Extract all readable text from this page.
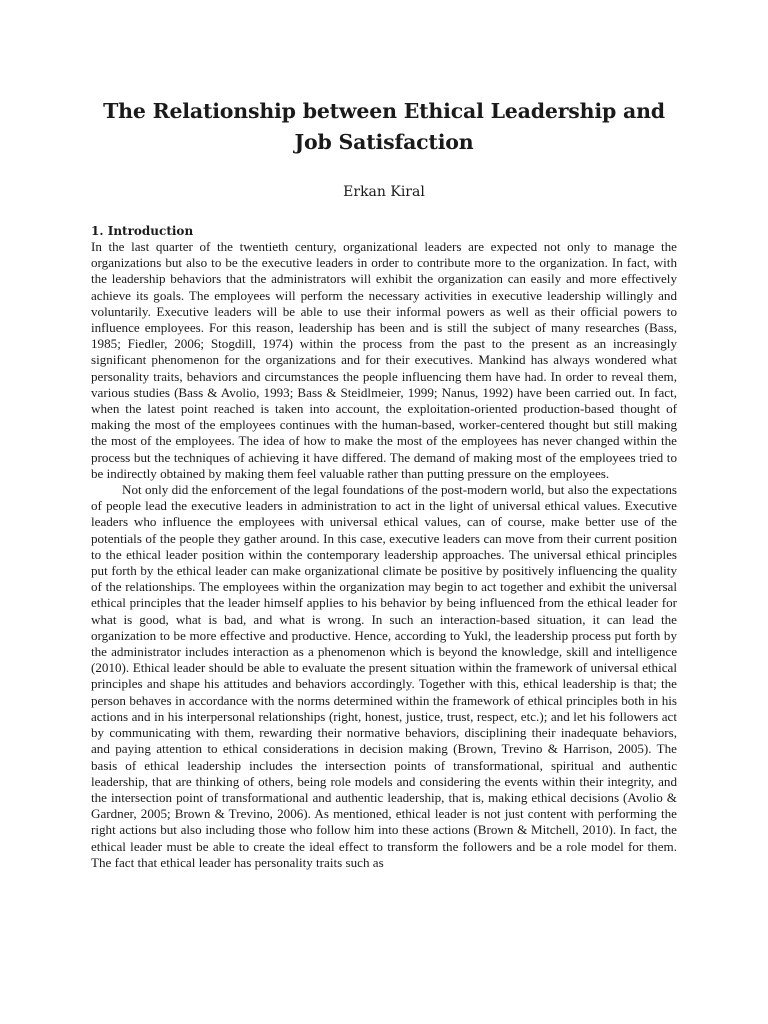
The Relationship between Ethical Leadership and Job Satisfaction
Erkan Kiral
1. Introduction

In the last quarter of the twentieth century, organizational leaders are expected not only to manage the organizations but also to be the executive leaders in order to contribute more to the organization. In fact, with the leadership behaviors that the administrators will exhibit the organization can easily and more effectively achieve its goals. The employees will perform the necessary activities in executive leadership willingly and voluntarily. Executive leaders will be able to use their informal powers as well as their official powers to influence employees. For this reason, leadership has been and is still the subject of many researches (Bass, 1985; Fiedler, 2006; Stogdill, 1974) within the process from the past to the present as an increasingly significant phenomenon for the organizations and for their executives. Mankind has always wondered what personality traits, behaviors and circumstances the people influencing them have had. In order to reveal them, various studies (Bass & Avolio, 1993; Bass & Steidlmeier, 1999; Nanus, 1992) have been carried out. In fact, when the latest point reached is taken into account, the exploitation-oriented production-based thought of making the most of the employees continues with the human-based, worker-centered thought but still making the most of the employees. The idea of how to make the most of the employees has never changed within the process but the techniques of achieving it have differed. The demand of making most of the employees tried to be indirectly obtained by making them feel valuable rather than putting pressure on the employees.

Not only did the enforcement of the legal foundations of the post-modern world, but also the expectations of people lead the executive leaders in administration to act in the light of universal ethical values. Executive leaders who influence the employees with universal ethical values, can of course, make better use of the potentials of the people they gather around. In this case, executive leaders can move from their current position to the ethical leader position within the contemporary leadership approaches. The universal ethical principles put forth by the ethical leader can make organizational climate be positive by positively influencing the quality of the relationships. The employees within the organization may begin to act together and exhibit the universal ethical principles that the leader himself applies to his behavior by being influenced from the ethical leader for what is good, what is bad, and what is wrong. In such an interaction-based situation, it can lead the organization to be more effective and productive. Hence, according to Yukl, the leadership process put forth by the administrator includes interaction as a phenomenon which is beyond the knowledge, skill and intelligence (2010). Ethical leader should be able to evaluate the present situation within the framework of universal ethical principles and shape his attitudes and behaviors accordingly. Together with this, ethical leadership is that; the person behaves in accordance with the norms determined within the framework of ethical principles both in his actions and in his interpersonal relationships (right, honest, justice, trust, respect, etc.); and let his followers act by communicating with them, rewarding their normative behaviors, disciplining their inadequate behaviors, and paying attention to ethical considerations in decision making (Brown, Trevino & Harrison, 2005). The basis of ethical leadership includes the intersection points of transformational, spiritual and authentic leadership, that are thinking of others, being role models and considering the events within their integrity, and the intersection point of transformational and authentic leadership, that is, making ethical decisions (Avolio & Gardner, 2005; Brown & Trevino, 2006). As mentioned, ethical leader is not just content with performing the right actions but also including those who follow him into these actions (Brown & Mitchell, 2010). In fact, the ethical leader must be able to create the ideal effect to transform the followers and be a role model for them. The fact that ethical leader has personality traits such as
